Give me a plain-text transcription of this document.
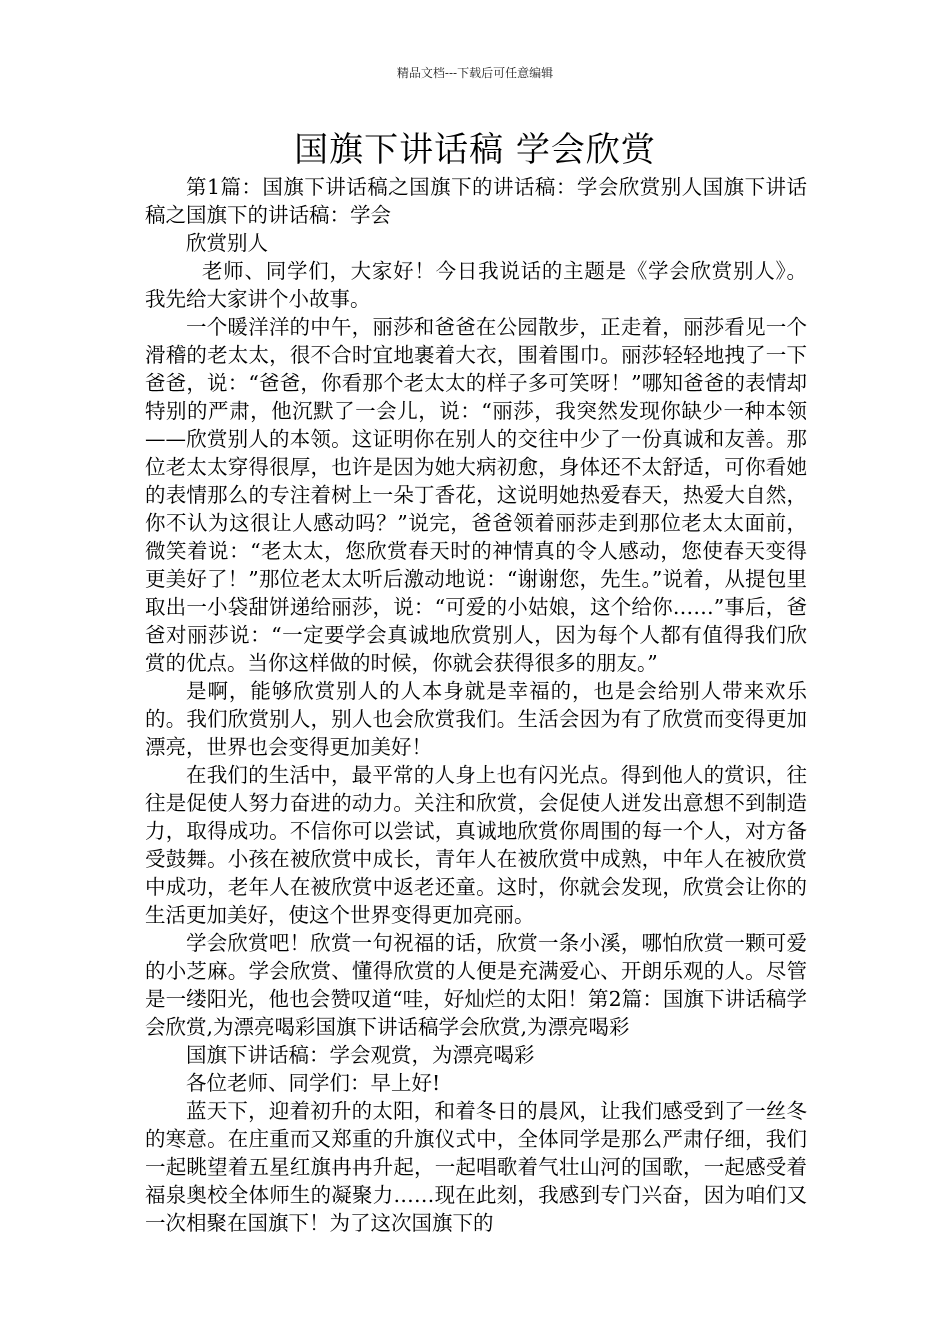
精品文档---下载后可任意编辑
国旗下讲话稿 学会欣赏

第1篇：国旗下讲话稿之国旗下的讲话稿：学会欣赏别人国旗下讲话稿之国旗下的讲话稿：学会

欣赏别人

老师、同学们，大家好！今日我说话的主题是《学会欣赏别人》。 我先给大家讲个小故事。

一个暖洋洋的中午，丽莎和爸爸在公园散步，正走着，丽莎看见一个滑稽的老太太，很不合时宜地裹着大衣，围着围巾。丽莎轻轻地拽了一下爸爸，说：“爸爸，你看那个老太太的样子多可笑呀！”哪知爸爸的表情却特别的严肃，他沉默了一会儿，说：“丽莎，我突然发现你缺少一种本领——欣赏别人的本领。这证明你在别人的交往中少了一份真诚和友善。那位老太太穿得很厚，也许是因为她大病初愈，身体还不太舒适，可你看她的表情那么的专注着树上一朵丁香花，这说明她热爱春天，热爱大自然，你不认为这很让人感动吗？”说完，爸爸领着丽莎走到那位老太太面前，微笑着说：“老太太，您欣赏春天时的神情真的令人感动，您使春天变得更美好了！”那位老太太听后激动地说：“谢谢您，先生。”说着，从提包里取出一小袋甜饼递给丽莎，说：“可爱的小姑娘，这个给你……”事后，爸爸对丽莎说：“一定要学会真诚地欣赏别人，因为每个人都有值得我们欣赏的优点。当你这样做的时候，你就会获得很多的朋友。”

是啊，能够欣赏别人的人本身就是幸福的，也是会给别人带来欢乐的。我们欣赏别人，别人也会欣赏我们。生活会因为有了欣赏而变得更加漂亮，世界也会变得更加美好！

在我们的生活中，最平常的人身上也有闪光点。得到他人的赏识，往往是促使人努力奋进的动力。关注和欣赏，会促使人迸发出意想不到制造力，取得成功。不信你可以尝试，真诚地欣赏你周围的每一个人，对方备受鼓舞。小孩在被欣赏中成长，青年人在被欣赏中成熟，中年人在被欣赏中成功，老年人在被欣赏中返老还童。这时，你就会发现，欣赏会让你的生活更加美好，使这个世界变得更加亮丽。

学会欣赏吧！欣赏一句祝福的话，欣赏一条小溪，哪怕欣赏一颗可爱的小芝麻。学会欣赏、懂得欣赏的人便是充满爱心、开朗乐观的人。尽管是一缕阳光，他也会赞叹道“哇，好灿烂的太阳！第2篇：国旗下讲话稿学会欣赏,为漂亮喝彩国旗下讲话稿学会欣赏,为漂亮喝彩

国旗下讲话稿：学会观赏，为漂亮喝彩

各位老师、同学们：早上好!

蓝天下，迎着初升的太阳，和着冬日的晨风，让我们感受到了一丝冬的寒意。在庄重而又郑重的升旗仪式中，全体同学是那么严肃仔细，我们一起眺望着五星红旗冉冉升起，一起唱歌着气壮山河的国歌，一起感受着福泉奥校全体师生的凝聚力……现在此刻，我感到专门兴奋，因为咱们又一次相聚在国旗下！为了这次国旗下的
